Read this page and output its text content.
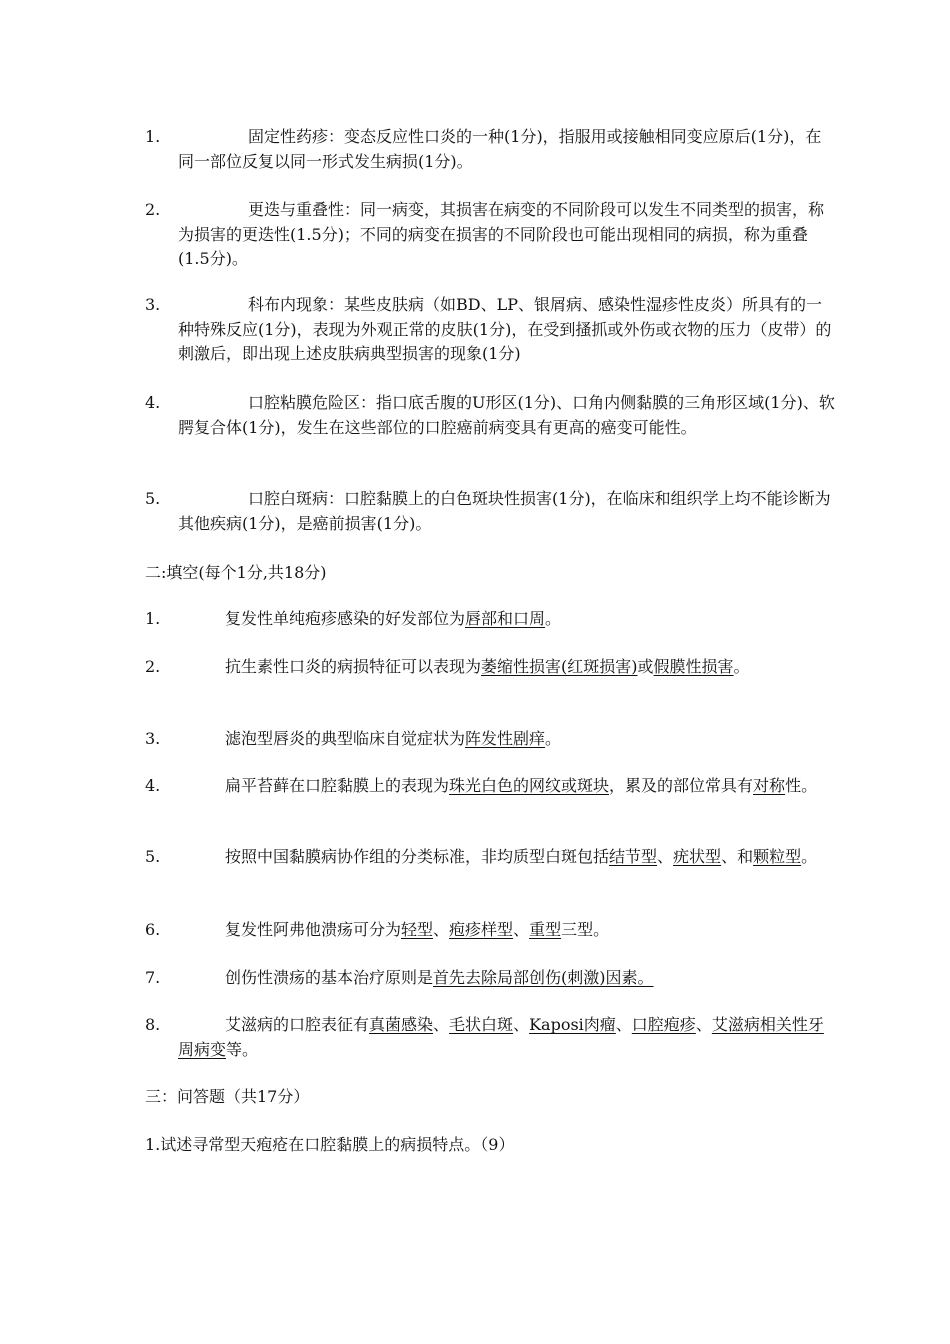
1.	固定性药疹：变态反应性口炎的一种(1分)，指服用或接触相同变应原后(1分)，在同一部位反复以同一形式发生病损(1分)。
2.	更迭与重叠性：同一病变，其损害在病变的不同阶段可以发生不同类型的损害，称为损害的更迭性(1.5分)；不同的病变在损害的不同阶段也可能出现相同的病损，称为重叠(1.5分)。
3.	科布内现象：某些皮肤病（如BD、LP、银屑病、感染性湿疹性皮炎）所具有的一种特殊反应(1分)，表现为外观正常的皮肤(1分)，在受到搔抓或外伤或衣物的压力（皮带）的刺激后，即出现上述皮肤病典型损害的现象(1分)
4.	口腔粘膜危险区：指口底舌腹的U形区(1分)、口角内侧黏膜的三角形区域(1分)、软腭复合体(1分)，发生在这些部位的口腔癌前病变具有更高的癌变可能性。
5.	口腔白斑病：口腔黏膜上的白色斑块性损害(1分)，在临床和组织学上均不能诊断为其他疾病(1分)，是癌前损害(1分)。
二:填空(每个1分,共18分)
1.	复发性单纯疱疹感染的好发部位为唇部和口周。
2.	抗生素性口炎的病损特征可以表现为萎缩性损害(红斑损害)或假膜性损害。
3.	滤泡型唇炎的典型临床自觉症状为阵发性剧痒。
4.	扁平苔藓在口腔黏膜上的表现为珠光白色的网纹或斑块，累及的部位常具有对称性。
5.	按照中国黏膜病协作组的分类标准，非均质型白斑包括结节型、疣状型、和颗粒型。
6.	复发性阿弗他溃疡可分为轻型、疱疹样型、重型三型。
7.	创伤性溃疡的基本治疗原则是首先去除局部创伤(刺激)因素。
8.	艾滋病的口腔表征有真菌感染、毛状白斑、Kaposi肉瘤、口腔疱疹、艾滋病相关性牙周病变等。
三：问答题（共17分）
1.试述寻常型天疱疮在口腔黏膜上的病损特点。（9）
